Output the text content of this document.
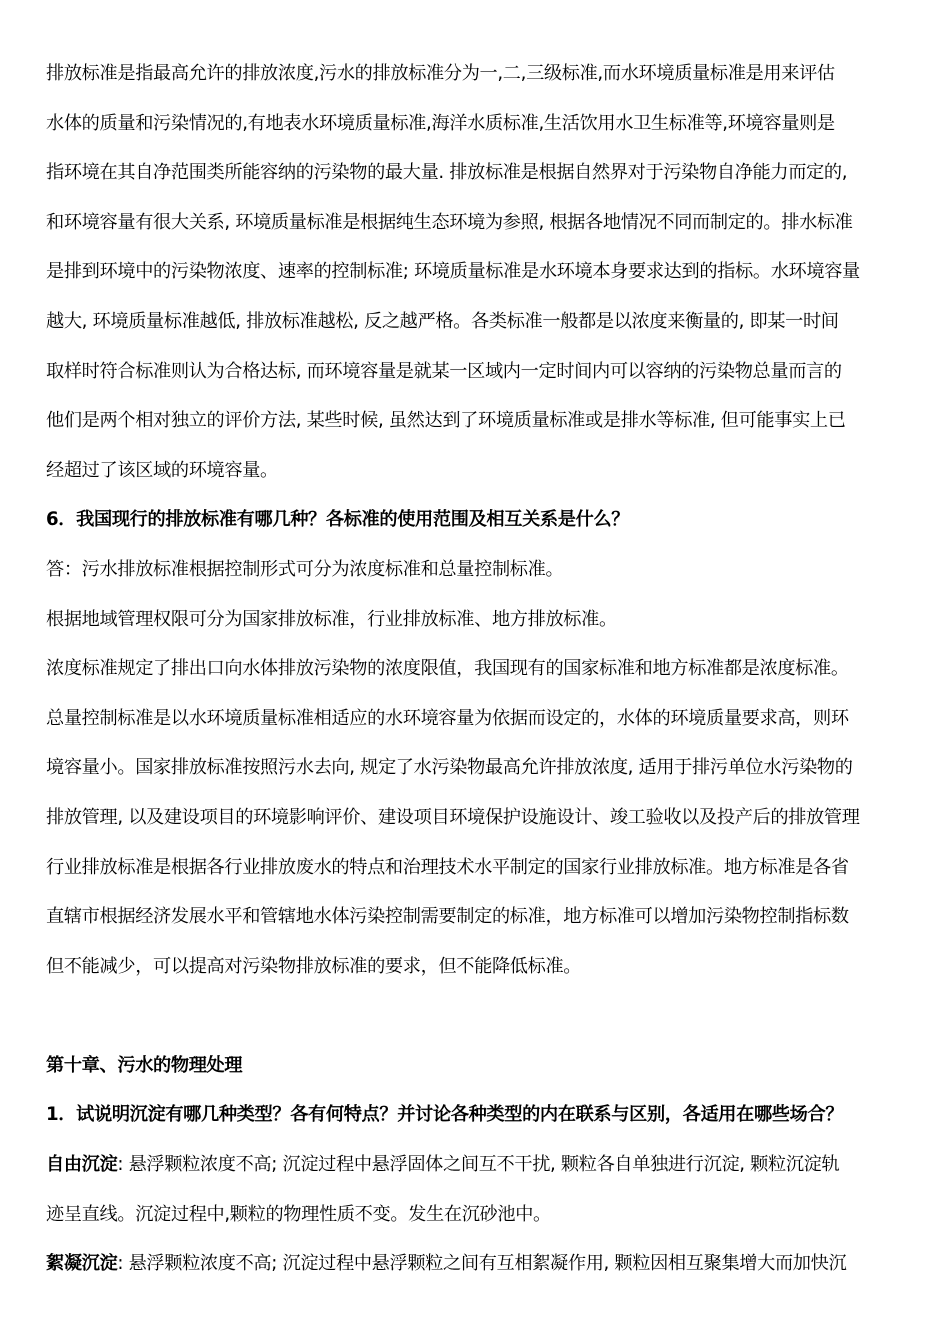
排放标准是指最高允许的排放浓度,污水的排放标准分为一,二,三级标准,而水环境质量标准是用来评估
水体的质量和污染情况的,有地表水环境质量标准,海洋水质标准,生活饮用水卫生标准等,环境容量则是
指环境在其自净范围类所能容纳的污染物的最大量. 排放标准是根据自然界对于污染物自净能力而定的,
和环境容量有很大关系, 环境质量标准是根据纯生态环境为参照, 根据各地情况不同而制定的。排水标准
是排到环境中的污染物浓度、速率的控制标准; 环境质量标准是水环境本身要求达到的指标。水环境容量
越大, 环境质量标准越低, 排放标准越松, 反之越严格。各类标准一般都是以浓度来衡量的, 即某一时间
取样时符合标准则认为合格达标, 而环境容量是就某一区域内一定时间内可以容纳的污染物总量而言的
他们是两个相对独立的评价方法, 某些时候, 虽然达到了环境质量标准或是排水等标准, 但可能事实上已
经超过了该区域的环境容量。
6．我国现行的排放标准有哪几种？各标准的使用范围及相互关系是什么？
答：污水排放标准根据控制形式可分为浓度标准和总量控制标准。
根据地域管理权限可分为国家排放标准，行业排放标准、地方排放标准。
浓度标准规定了排出口向水体排放污染物的浓度限值，我国现有的国家标准和地方标准都是浓度标准。
总量控制标准是以水环境质量标准相适应的水环境容量为依据而设定的，水体的环境质量要求高，则环
境容量小。国家排放标准按照污水去向, 规定了水污染物最高允许排放浓度, 适用于排污单位水污染物的
排放管理, 以及建设项目的环境影响评价、建设项目环境保护设施设计、竣工验收以及投产后的排放管理
行业排放标准是根据各行业排放废水的特点和治理技术水平制定的国家行业排放标准。地方标准是各省
直辖市根据经济发展水平和管辖地水体污染控制需要制定的标准，地方标准可以增加污染物控制指标数
但不能减少，可以提高对污染物排放标准的要求，但不能降低标准。
第十章、污水的物理处理
1．试说明沉淀有哪几种类型？各有何特点？并讨论各种类型的内在联系与区别，各适用在哪些场合？
自由沉淀: 悬浮颗粒浓度不高; 沉淀过程中悬浮固体之间互不干扰, 颗粒各自单独进行沉淀, 颗粒沉淀轨
迹呈直线。沉淀过程中,颗粒的物理性质不变。发生在沉砂池中。
絮凝沉淀: 悬浮颗粒浓度不高; 沉淀过程中悬浮颗粒之间有互相絮凝作用, 颗粒因相互聚集增大而加快沉
